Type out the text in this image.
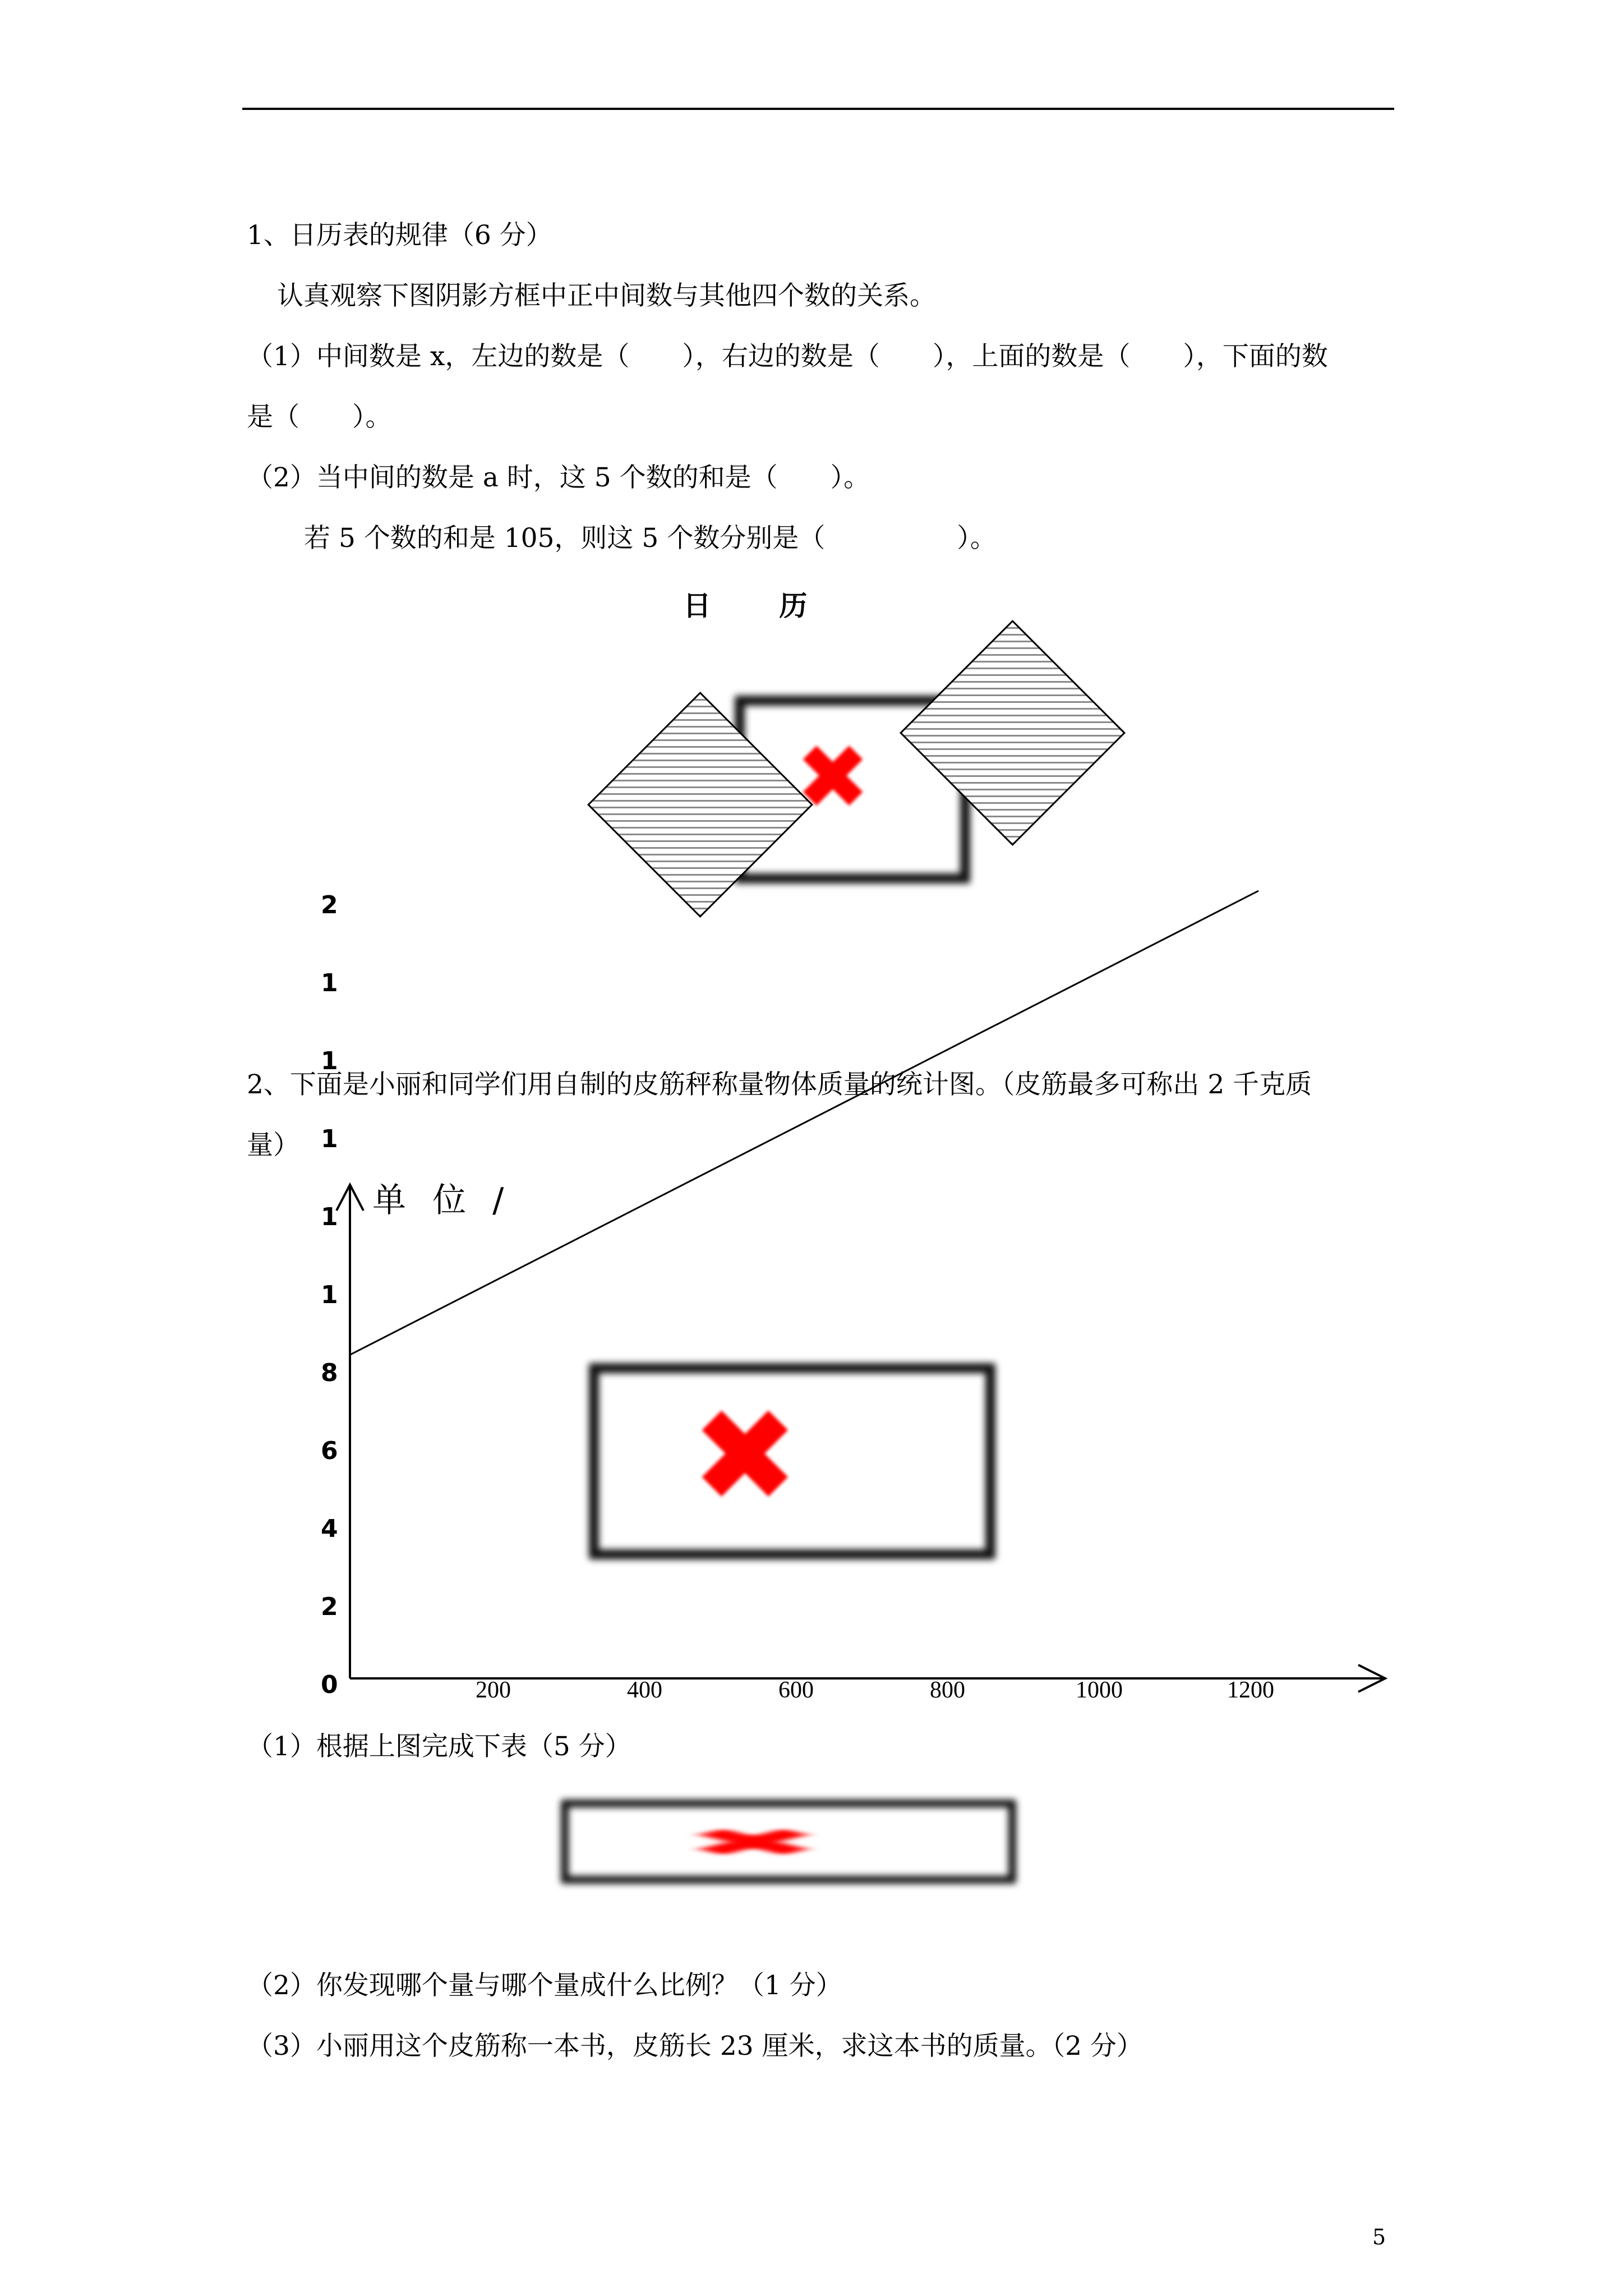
1、日历表的规律（6 分）
认真观察下图阴影方框中正中间数与其他四个数的关系。
（1）中间数是 x，左边的数是（　　），右边的数是（　　），上面的数是（　　），下面的数
是（　　）。
（2）当中间的数是 a 时，这 5 个数的和是（　　）。
若 5 个数的和是 105，则这 5 个数分别是（　　　　　）。
日 历
✖
2、下面是小丽和同学们用自制的皮筋秤称量物体质量的统计图。（皮筋最多可称出 2 千克质
量）
单 位 /
200	400	600	800	1000	1200
0
2
4
6
8
1
1
1
1
1
2
✖
（1）根据上图完成下表（5 分）
✖
（2）你发现哪个量与哪个量成什么比例？（1 分）
（3）小丽用这个皮筋称一本书，皮筋长 23 厘米，求这本书的质量。（2 分）
5
